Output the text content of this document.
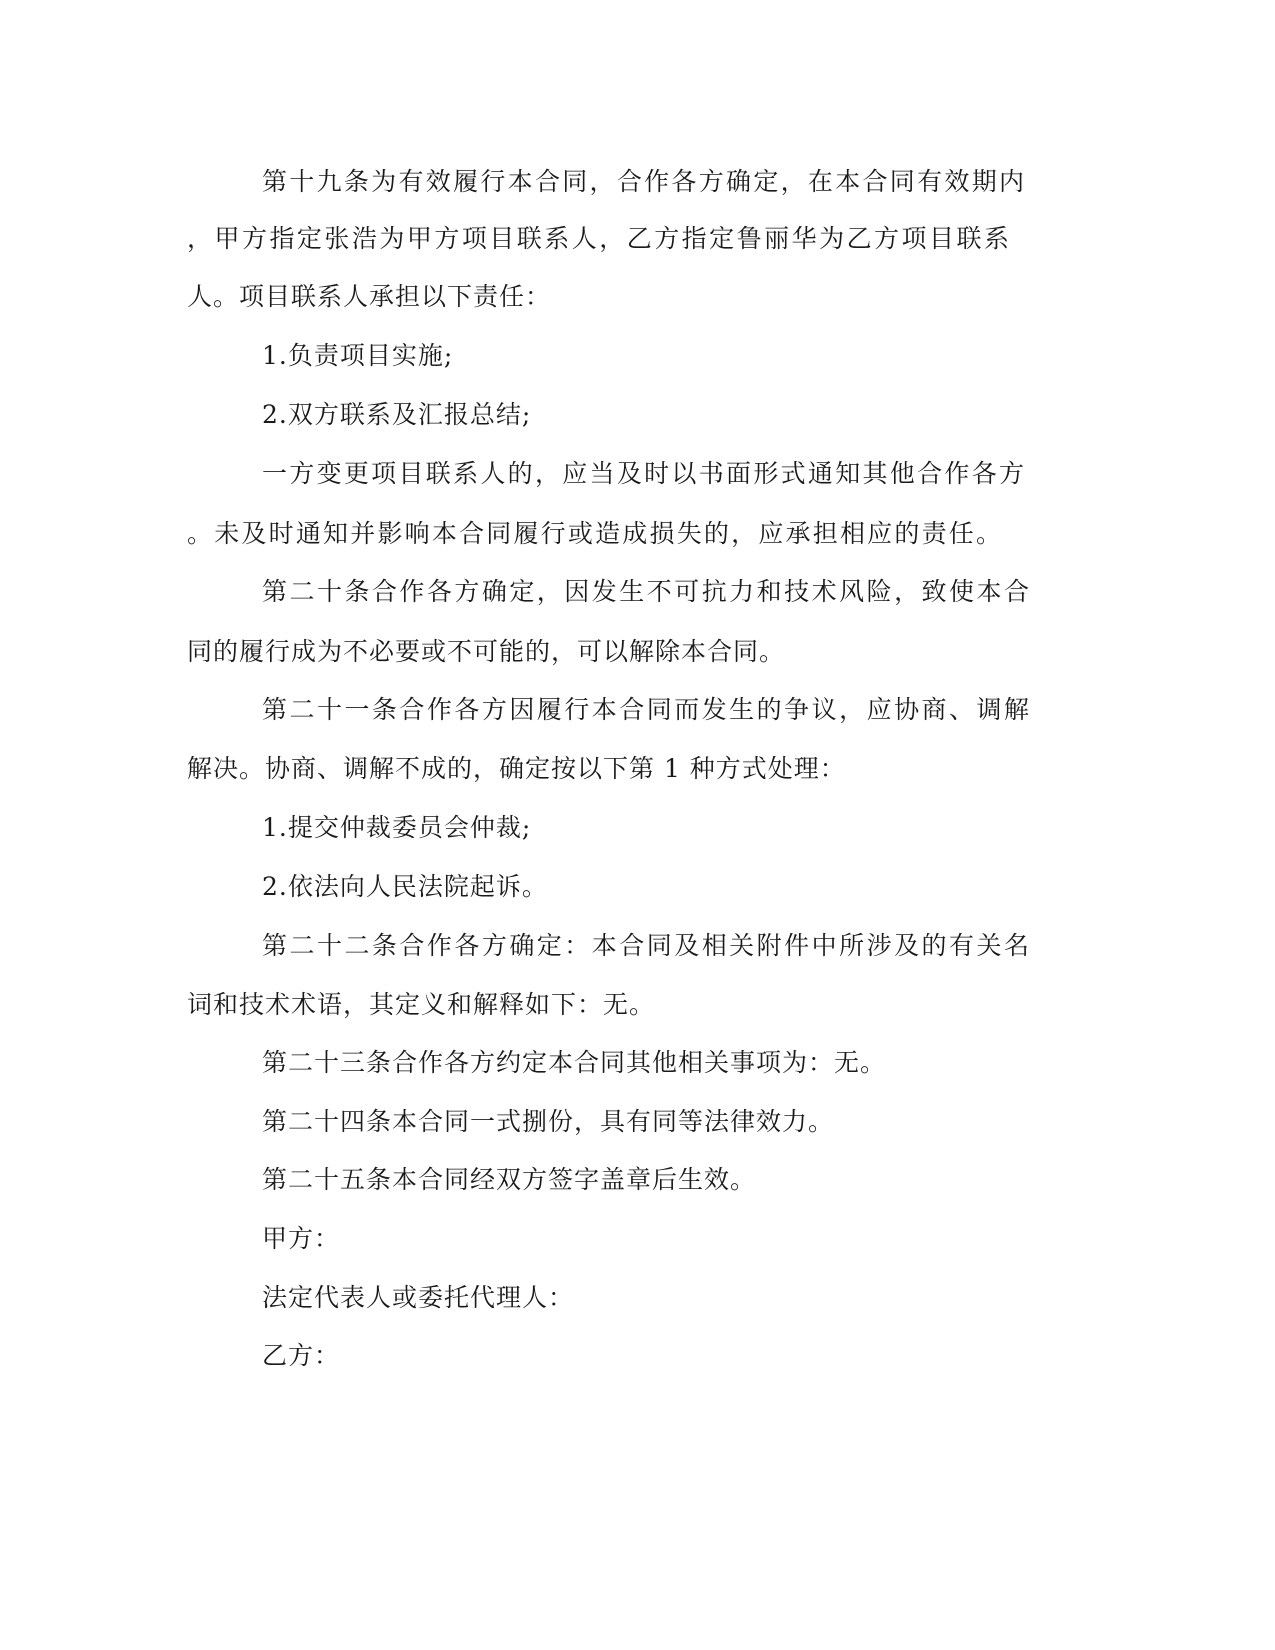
第十九条为有效履行本合同，合作各方确定，在本合同有效期内
，甲方指定张浩为甲方项目联系人，乙方指定鲁丽华为乙方项目联系
人。项目联系人承担以下责任：
1.负责项目实施;
2.双方联系及汇报总结;
一方变更项目联系人的，应当及时以书面形式通知其他合作各方
。未及时通知并影响本合同履行或造成损失的，应承担相应的责任。
第二十条合作各方确定，因发生不可抗力和技术风险，致使本合
同的履行成为不必要或不可能的，可以解除本合同。
第二十一条合作各方因履行本合同而发生的争议，应协商、调解
解决。协商、调解不成的，确定按以下第 1 种方式处理：
1.提交仲裁委员会仲裁;
2.依法向人民法院起诉。
第二十二条合作各方确定：本合同及相关附件中所涉及的有关名
词和技术术语，其定义和解释如下：无。
第二十三条合作各方约定本合同其他相关事项为：无。
第二十四条本合同一式捌份，具有同等法律效力。
第二十五条本合同经双方签字盖章后生效。
甲方：
法定代表人或委托代理人：
乙方：
